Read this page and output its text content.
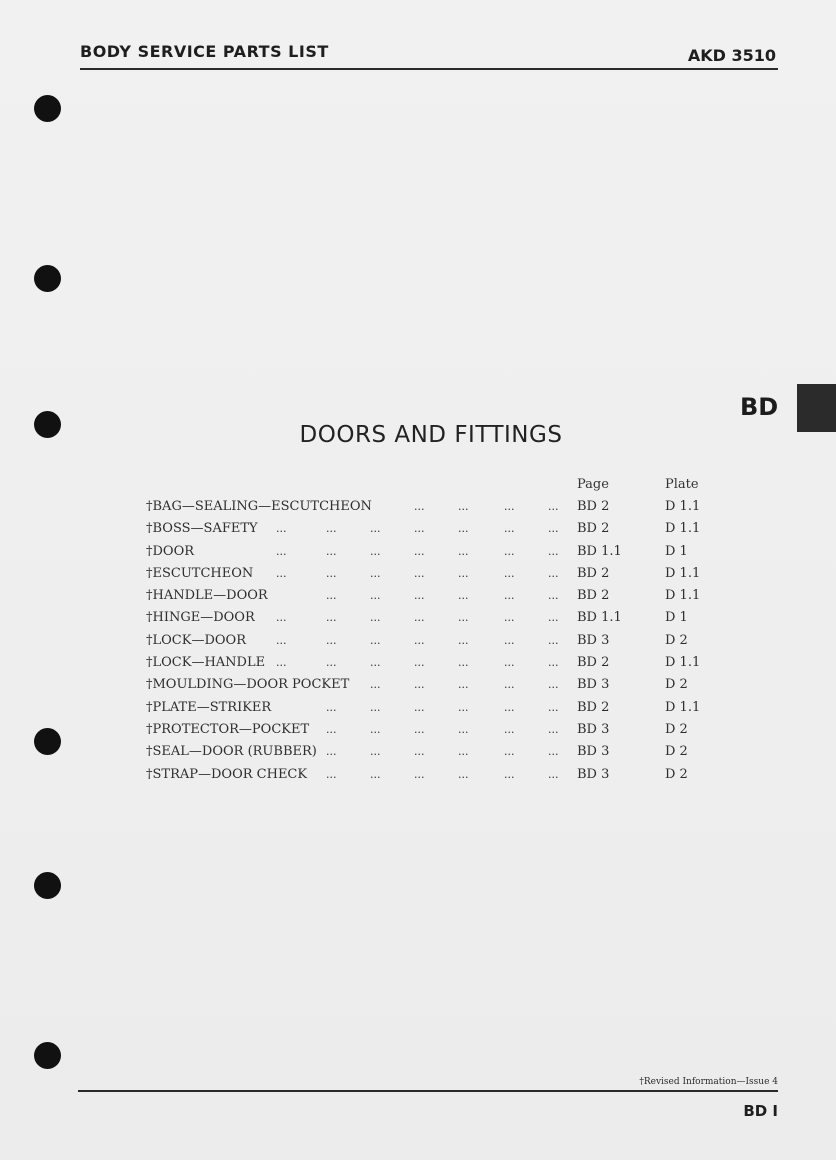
BODY SERVICE PARTS LIST	AKD 3510
BD
DOORS AND FITTINGS
Page	Plate
†BAG—SEALING—ESCUTCHEON	...	...	...	... BD 2	D 1.1
†BOSS—SAFETY ...	...	...	...	...	...	... BD 2	D 1.1
†DOOR	...	...	...	...	...	...	... BD 1.1	D 1
†ESCUTCHEON ...	...	...	...	...	...	... BD 2	D 1.1
†HANDLE—DOOR	...	...	...	...	...	... BD 2	D 1.1
†HINGE—DOOR ...	...	...	...	...	...	... BD 1.1	D 1
†LOCK—DOOR	...	...	...	...	...	...	... BD 3	D 2
†LOCK—HANDLE ...	...	...	...	...	...	... BD 2	D 1.1
†MOULDING—DOOR POCKET ...	...	...	...	... BD 3	D 2
†PLATE—STRIKER	...	...	...	...	...	... BD 2	D 1.1
†PROTECTOR—POCKET ...	...	...	...	...	... BD 3	D 2
†SEAL—DOOR (RUBBER) ...	...	...	...	...	... BD 3	D 2
†STRAP—DOOR CHECK ...	...	...	...	...	... BD 3	D 2
†Revised Information—Issue 4
BD I
